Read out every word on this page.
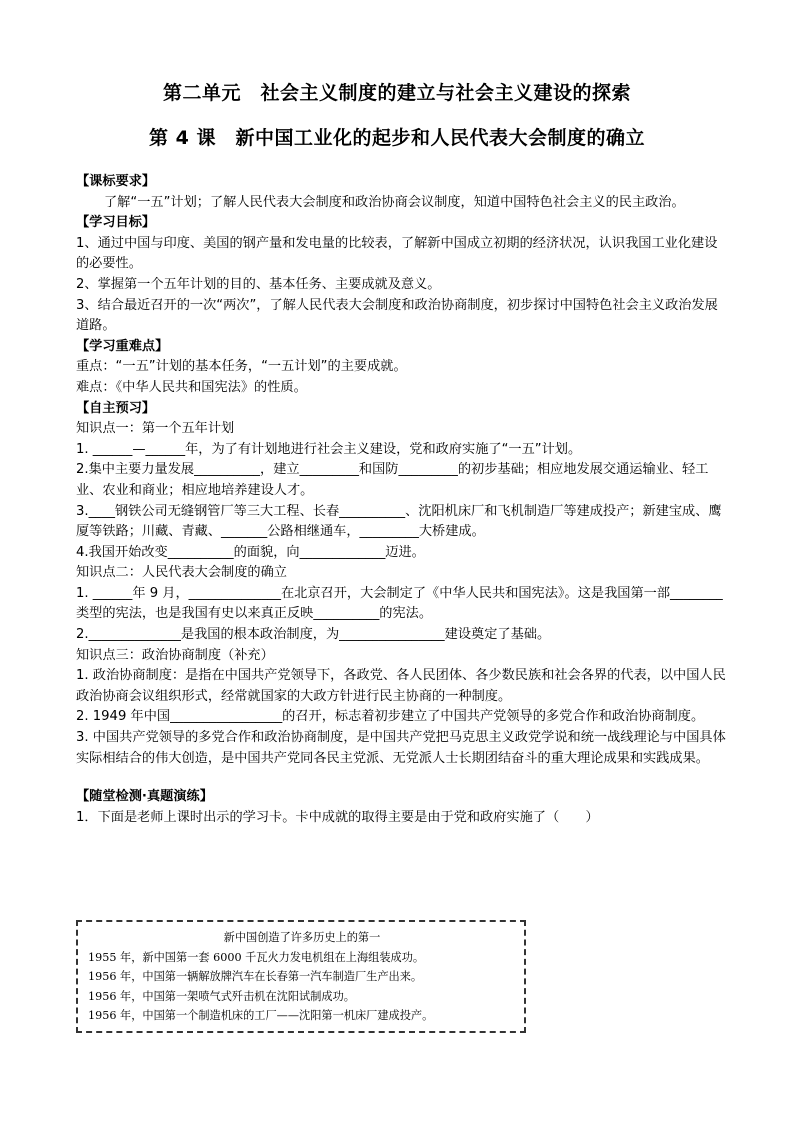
第二单元　社会主义制度的建立与社会主义建设的探索
第 4 课　新中国工业化的起步和人民代表大会制度的确立

【课标要求】

了解“一五”计划；了解人民代表大会制度和政治协商会议制度，知道中国特色社会主义的民主政治。

【学习目标】

1、通过中国与印度、美国的钢产量和发电量的比较表，了解新中国成立初期的经济状况，认识我国工业化建设的必要性。

2、掌握第一个五年计划的目的、基本任务、主要成就及意义。

3、结合最近召开的一次“两次”，了解人民代表大会制度和政治协商制度，初步探讨中国特色社会主义政治发展道路。

【学习重难点】

重点：“一五”计划的基本任务，“一五计划”的主要成就。

难点：《中华人民共和国宪法》的性质。

【自主预习】

知识点一：第一个五年计划

1. ______—______年，为了有计划地进行社会主义建设，党和政府实施了“一五”计划。

2.集中主要力量发展__________，建立_________和国防_________的初步基础；相应地发展交通运输业、轻工业、农业和商业；相应地培养建设人才。

3.____钢铁公司无缝钢管厂等三大工程、长春__________、沈阳机床厂和飞机制造厂等建成投产；新建宝成、鹰厦等铁路；川藏、青藏、_______公路相继通车，_________大桥建成。

4.我国开始改变__________的面貌，向_____________迈进。

知识点二：人民代表大会制度的确立

1. ______年 9 月，______________在北京召开，大会制定了《中华人民共和国宪法》。这是我国第一部________类型的宪法，也是我国有史以来真正反映__________的宪法。

2.______________是我国的根本政治制度，为________________建设奠定了基础。

知识点三：政治协商制度（补充）

1. 政治协商制度：是指在中国共产党领导下，各政党、各人民团体、各少数民族和社会各界的代表，以中国人民政治协商会议组织形式，经常就国家的大政方针进行民主协商的一种制度。

2. 1949 年中国_________________的召开，标志着初步建立了中国共产党领导的多党合作和政治协商制度。

3. 中国共产党领导的多党合作和政治协商制度，是中国共产党把马克思主义政党学说和统一战线理论与中国具体实际相结合的伟大创造，是中国共产党同各民主党派、无党派人士长期团结奋斗的重大理论成果和实践成果。

【随堂检测·真题演练】

1．下面是老师上课时出示的学习卡。卡中成就的取得主要是由于党和政府实施了（　　）

新中国创造了许多历史上的第一

1955 年，新中国第一套 6000 千瓦火力发电机组在上海组装成功。

1956 年，中国第一辆解放牌汽车在长春第一汽车制造厂生产出来。

1956 年，中国第一架喷气式歼击机在沈阳试制成功。

1956 年，中国第一个制造机床的工厂——沈阳第一机床厂建成投产。
